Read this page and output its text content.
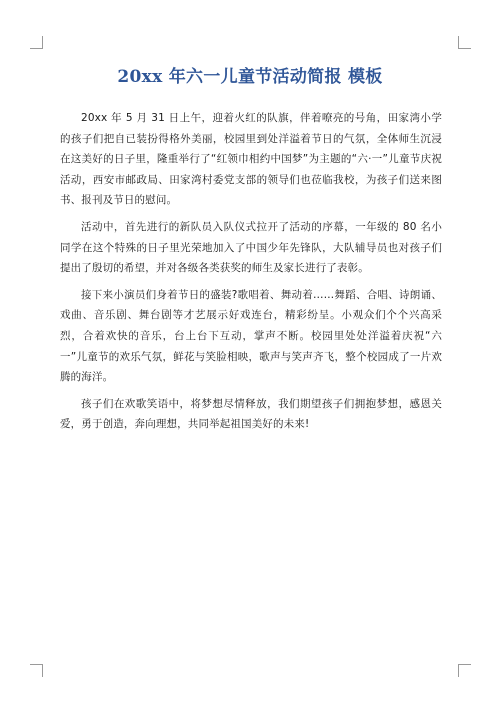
20xx 年六一儿童节活动简报 模板

20xx 年 5 月 31 日上午，迎着火红的队旗，伴着嘹亮的号角，田家湾小学的孩子们把自已装扮得格外美丽，校园里到处洋溢着节日的气氛，全体师生沉浸在这美好的日子里，隆重举行了“红领巾相约中国梦”为主题的“六·一”儿童节庆祝活动，西安市邮政局、田家湾村委党支部的领导们也莅临我校，为孩子们送来图书、报刊及节日的慰问。

活动中，首先进行的新队员入队仪式拉开了活动的序幕，一年级的 80 名小同学在这个特殊的日子里光荣地加入了中国少年先锋队，大队辅导员也对孩子们提出了殷切的希望，并对各级各类获奖的师生及家长进行了表彰。

接下来小演员们身着节日的盛装?歌唱着、舞动着……舞蹈、合唱、诗朗诵、戏曲、音乐剧、舞台剧等才艺展示好戏连台，精彩纷呈。小观众们个个兴高采烈，合着欢快的音乐，台上台下互动，掌声不断。校园里处处洋溢着庆祝“六一”儿童节的欢乐气氛，鲜花与笑脸相映，歌声与笑声齐飞，整个校园成了一片欢腾的海洋。

孩子们在欢歌笑语中，将梦想尽情释放，我们期望孩子们拥抱梦想，感恩关爱，勇于创造，奔向理想，共同举起祖国美好的未来!
